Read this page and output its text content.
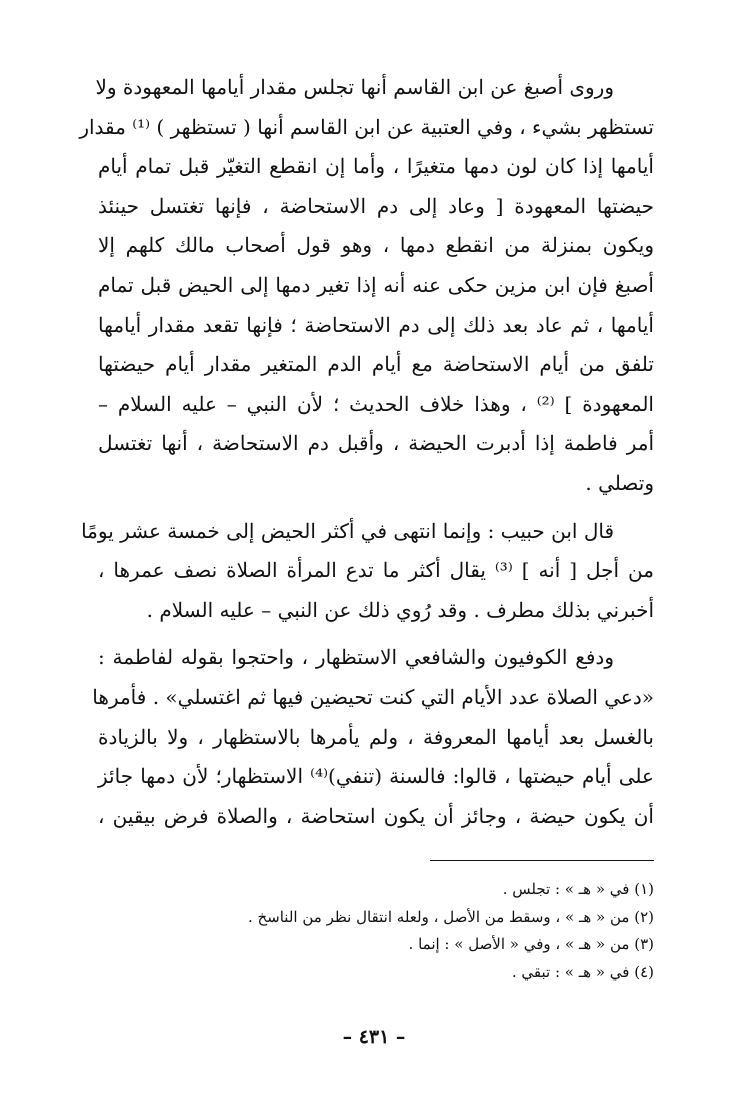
وروى أصبغ عن ابن القاسم أنها تجلس مقدار أيامها المعهودة ولا
تستظهر بشيء ، وفي العتبية عن ابن القاسم أنها ( تستظهر ) ⁽¹⁾ مقدار
أيامها إذا كان لون دمها متغيرًا ، وأما إن انقطع التغيّر قبل تمام أيام
حيضتها المعهودة [ وعاد إلى دم الاستحاضة ، فإنها تغتسل حينئذ
ويكون بمنزلة من انقطع دمها ، وهو قول أصحاب مالك كلهم إلا
أصبغ فإن ابن مزين حكى عنه أنه إذا تغير دمها إلى الحيض قبل تمام
أيامها ، ثم عاد بعد ذلك إلى دم الاستحاضة ؛ فإنها تقعد مقدار أيامها
تلفق من أيام الاستحاضة مع أيام الدم المتغير مقدار أيام حيضتها
المعهودة ] ⁽²⁾ ، وهذا خلاف الحديث ؛ لأن النبي – عليه السلام –
أمر فاطمة إذا أدبرت الحيضة ، وأقبل دم الاستحاضة ، أنها تغتسل
وتصلي .
قال ابن حبيب : وإنما انتهى في أكثر الحيض إلى خمسة عشر يومًا
من أجل [ أنه ] ⁽³⁾ يقال أكثر ما تدع المرأة الصلاة نصف عمرها ،
أخبرني بذلك مطرف . وقد رُوي ذلك عن النبي – عليه السلام .
ودفع الكوفيون والشافعي الاستظهار ، واحتجوا بقوله لفاطمة :
«دعي الصلاة عدد الأيام التي كنت تحيضين فيها ثم اغتسلي» . فأمرها
بالغسل بعد أيامها المعروفة ، ولم يأمرها بالاستظهار ، ولا بالزيادة
على أيام حيضتها ، قالوا: فالسنة (تنفي)⁽⁴⁾ الاستظهار؛ لأن دمها جائز
أن يكون حيضة ، وجائز أن يكون استحاضة ، والصلاة فرض بيقين ،
(١) في « هـ » : تجلس .
(٢) من « هـ » ، وسقط من الأصل ، ولعله انتقال نظر من الناسخ .
(٣) من « هـ » ، وفي « الأصل » : إنما .
(٤) في « هـ » : تبقي .
– ٤٣١ –
